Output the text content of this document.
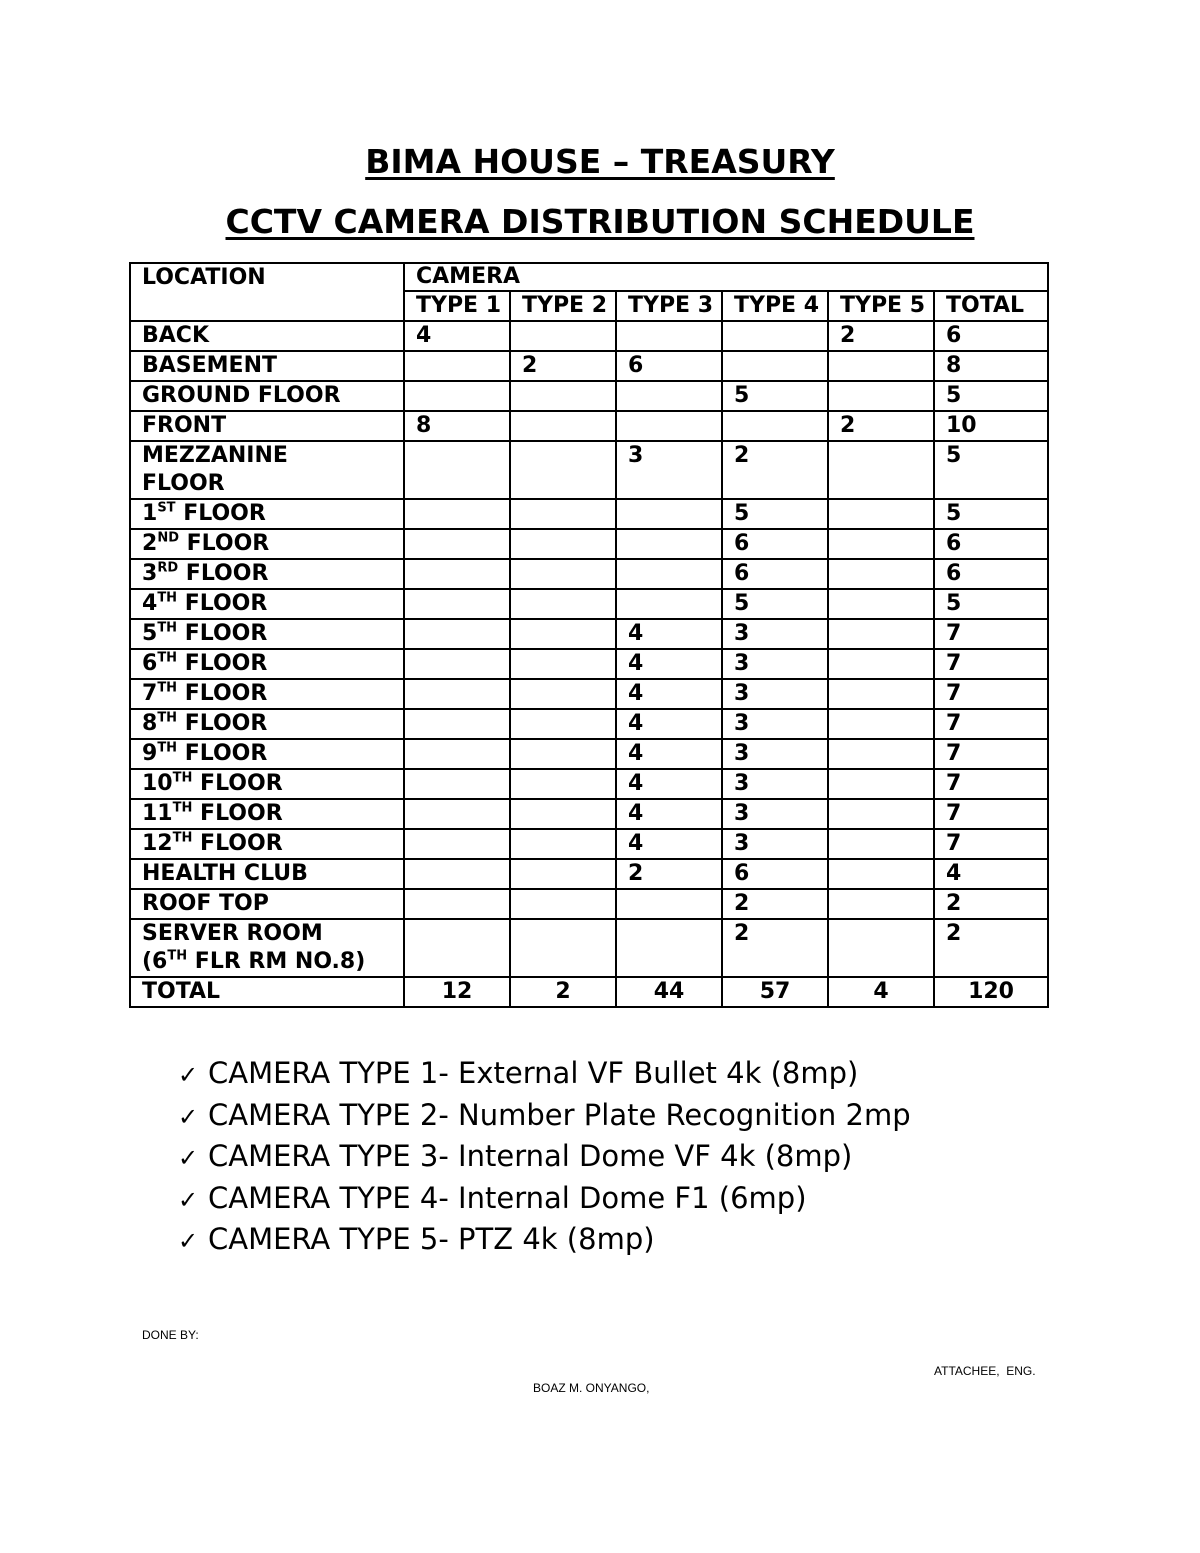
BIMA HOUSE – TREASURY
CCTV CAMERA DISTRIBUTION SCHEDULE
LOCATION	CAMERA					
	TYPE 1	TYPE 2	TYPE 3	TYPE 4	TYPE 5	TOTAL
BACK	4				2	6
BASEMENT		2	6			8
GROUND FLOOR				5		5
FRONT	8				2	10
MEZZANINE
FLOOR			3	2		5
1ST FLOOR				5		5
2ND FLOOR				6		6
3RD FLOOR				6		6
4TH FLOOR				5		5
5TH FLOOR			4	3		7
6TH FLOOR			4	3		7
7TH FLOOR			4	3		7
8TH FLOOR			4	3		7
9TH FLOOR			4	3		7
10TH FLOOR			4	3		7
11TH FLOOR			4	3		7
12TH FLOOR			4	3		7
HEALTH CLUB			2	6		4
ROOF TOP				2		2
SERVER ROOM
(6TH FLR RM NO.8)				2		2
TOTAL	12	2	44	57	4	120
✓ CAMERA TYPE 1- External VF Bullet 4k (8mp)
✓ CAMERA TYPE 2- Number Plate Recognition 2mp
✓ CAMERA TYPE 3- Internal Dome VF 4k (8mp)
✓ CAMERA TYPE 4- Internal Dome F1 (6mp)
✓ CAMERA TYPE 5- PTZ 4k (8mp)
DONE BY:
BOAZ M. ONYANGO,
ATTACHEE,  ENG.
